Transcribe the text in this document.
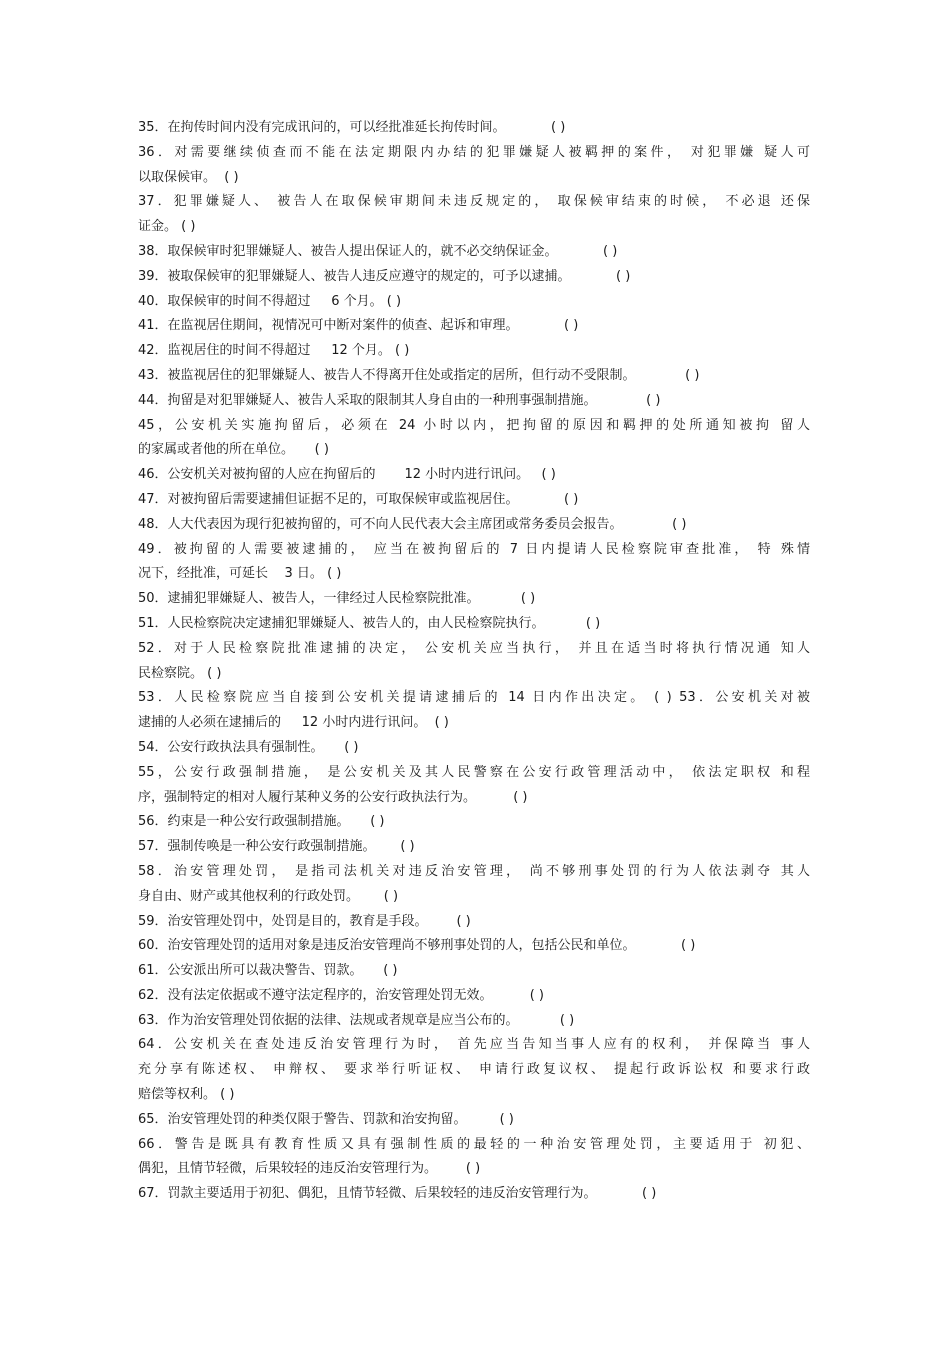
35．在拘传时间内没有完成讯问的，可以经批准延长拘传时间。           ( )
36．对需要继续侦查而不能在法定期限内办结的犯罪嫌疑人被羁押的案件， 对犯罪嫌 疑人可
以取保候审。  ( )
37．犯罪嫌疑人、 被告人在取保候审期间未违反规定的， 取保候审结束的时候， 不必退 还保
证金。 ( )
38．取保候审时犯罪嫌疑人、被告人提出保证人的，就不必交纳保证金。           ( )
39．被取保候审的犯罪嫌疑人、被告人违反应遵守的规定的，可予以逮捕。           ( )
40．取保候审的时间不得超过     6 个月。 ( )
41．在监视居住期间，视情况可中断对案件的侦查、起诉和审理。           ( )
42．监视居住的时间不得超过     12 个月。 ( )
43．被监视居住的犯罪嫌疑人、被告人不得离开住处或指定的居所，但行动不受限制。            ( )
44．拘留是对犯罪嫌疑人、被告人采取的限制其人身自由的一种刑事强制措施。            ( )
45，公安机关实施拘留后，必须在 24 小时以内，把拘留的原因和羁押的处所通知被拘 留人
的家属或者他的所在单位。     ( )
46．公安机关对被拘留的人应在拘留后的       12 小时内进行讯问。   ( )
47．对被拘留后需要逮捕但证据不足的，可取保候审或监视居住。           ( )
48．人大代表因为现行犯被拘留的，可不向人民代表大会主席团或常务委员会报告。            ( )
49．被拘留的人需要被逮捕的， 应当在被拘留后的 7 日内提请人民检察院审查批准， 特 殊情
况下，经批准，可延长    3 日。 ( )
50．逮捕犯罪嫌疑人、被告人，一律经过人民检察院批准。          ( )
51．人民检察院决定逮捕犯罪嫌疑人、被告人的，由人民检察院执行。          ( )
52．对于人民检察院批准逮捕的决定， 公安机关应当执行， 并且在适当时将执行情况通 知人
民检察院。 ( )
53．人民检察院应当自接到公安机关提请逮捕后的 14 日内作出决定。 ( ) 53．公安机关对被
逮捕的人必须在逮捕后的     12 小时内进行讯问。  ( )
54．公安行政执法具有强制性。     ( )
55，公安行政强制措施， 是公安机关及其人民警察在公安行政管理活动中， 依法定职权 和程
序，强制特定的相对人履行某种义务的公安行政执法行为。         ( )
56．约束是一种公安行政强制措施。     ( )
57．强制传唤是一种公安行政强制措施。      ( )
58．治安管理处罚， 是指司法机关对违反治安管理， 尚不够刑事处罚的行为人依法剥夺 其人
身自由、财产或其他权利的行政处罚。      ( )
59．治安管理处罚中，处罚是目的，教育是手段。       ( )
60．治安管理处罚的适用对象是违反治安管理尚不够刑事处罚的人，包括公民和单位。           ( )
61．公安派出所可以裁决警告、罚款。     ( )
62．没有法定依据或不遵守法定程序的，治安管理处罚无效。         ( )
63．作为治安管理处罚依据的法律、法规或者规章是应当公布的。          ( )
64．公安机关在查处违反治安管理行为时， 首先应当告知当事人应有的权利， 并保障当 事人
充分享有陈述权、 申辩权、 要求举行听证权、 申请行政复议权、 提起行政诉讼权 和要求行政
赔偿等权利。 ( )
65．治安管理处罚的种类仅限于警告、罚款和治安拘留。        ( )
66．警告是既具有教育性质又具有强制性质的最轻的一种治安管理处罚，主要适用于 初犯、
偶犯，且情节轻微，后果较轻的违反治安管理行为。       ( )
67．罚款主要适用于初犯、偶犯，且情节轻微、后果较轻的违反治安管理行为。           ( )
